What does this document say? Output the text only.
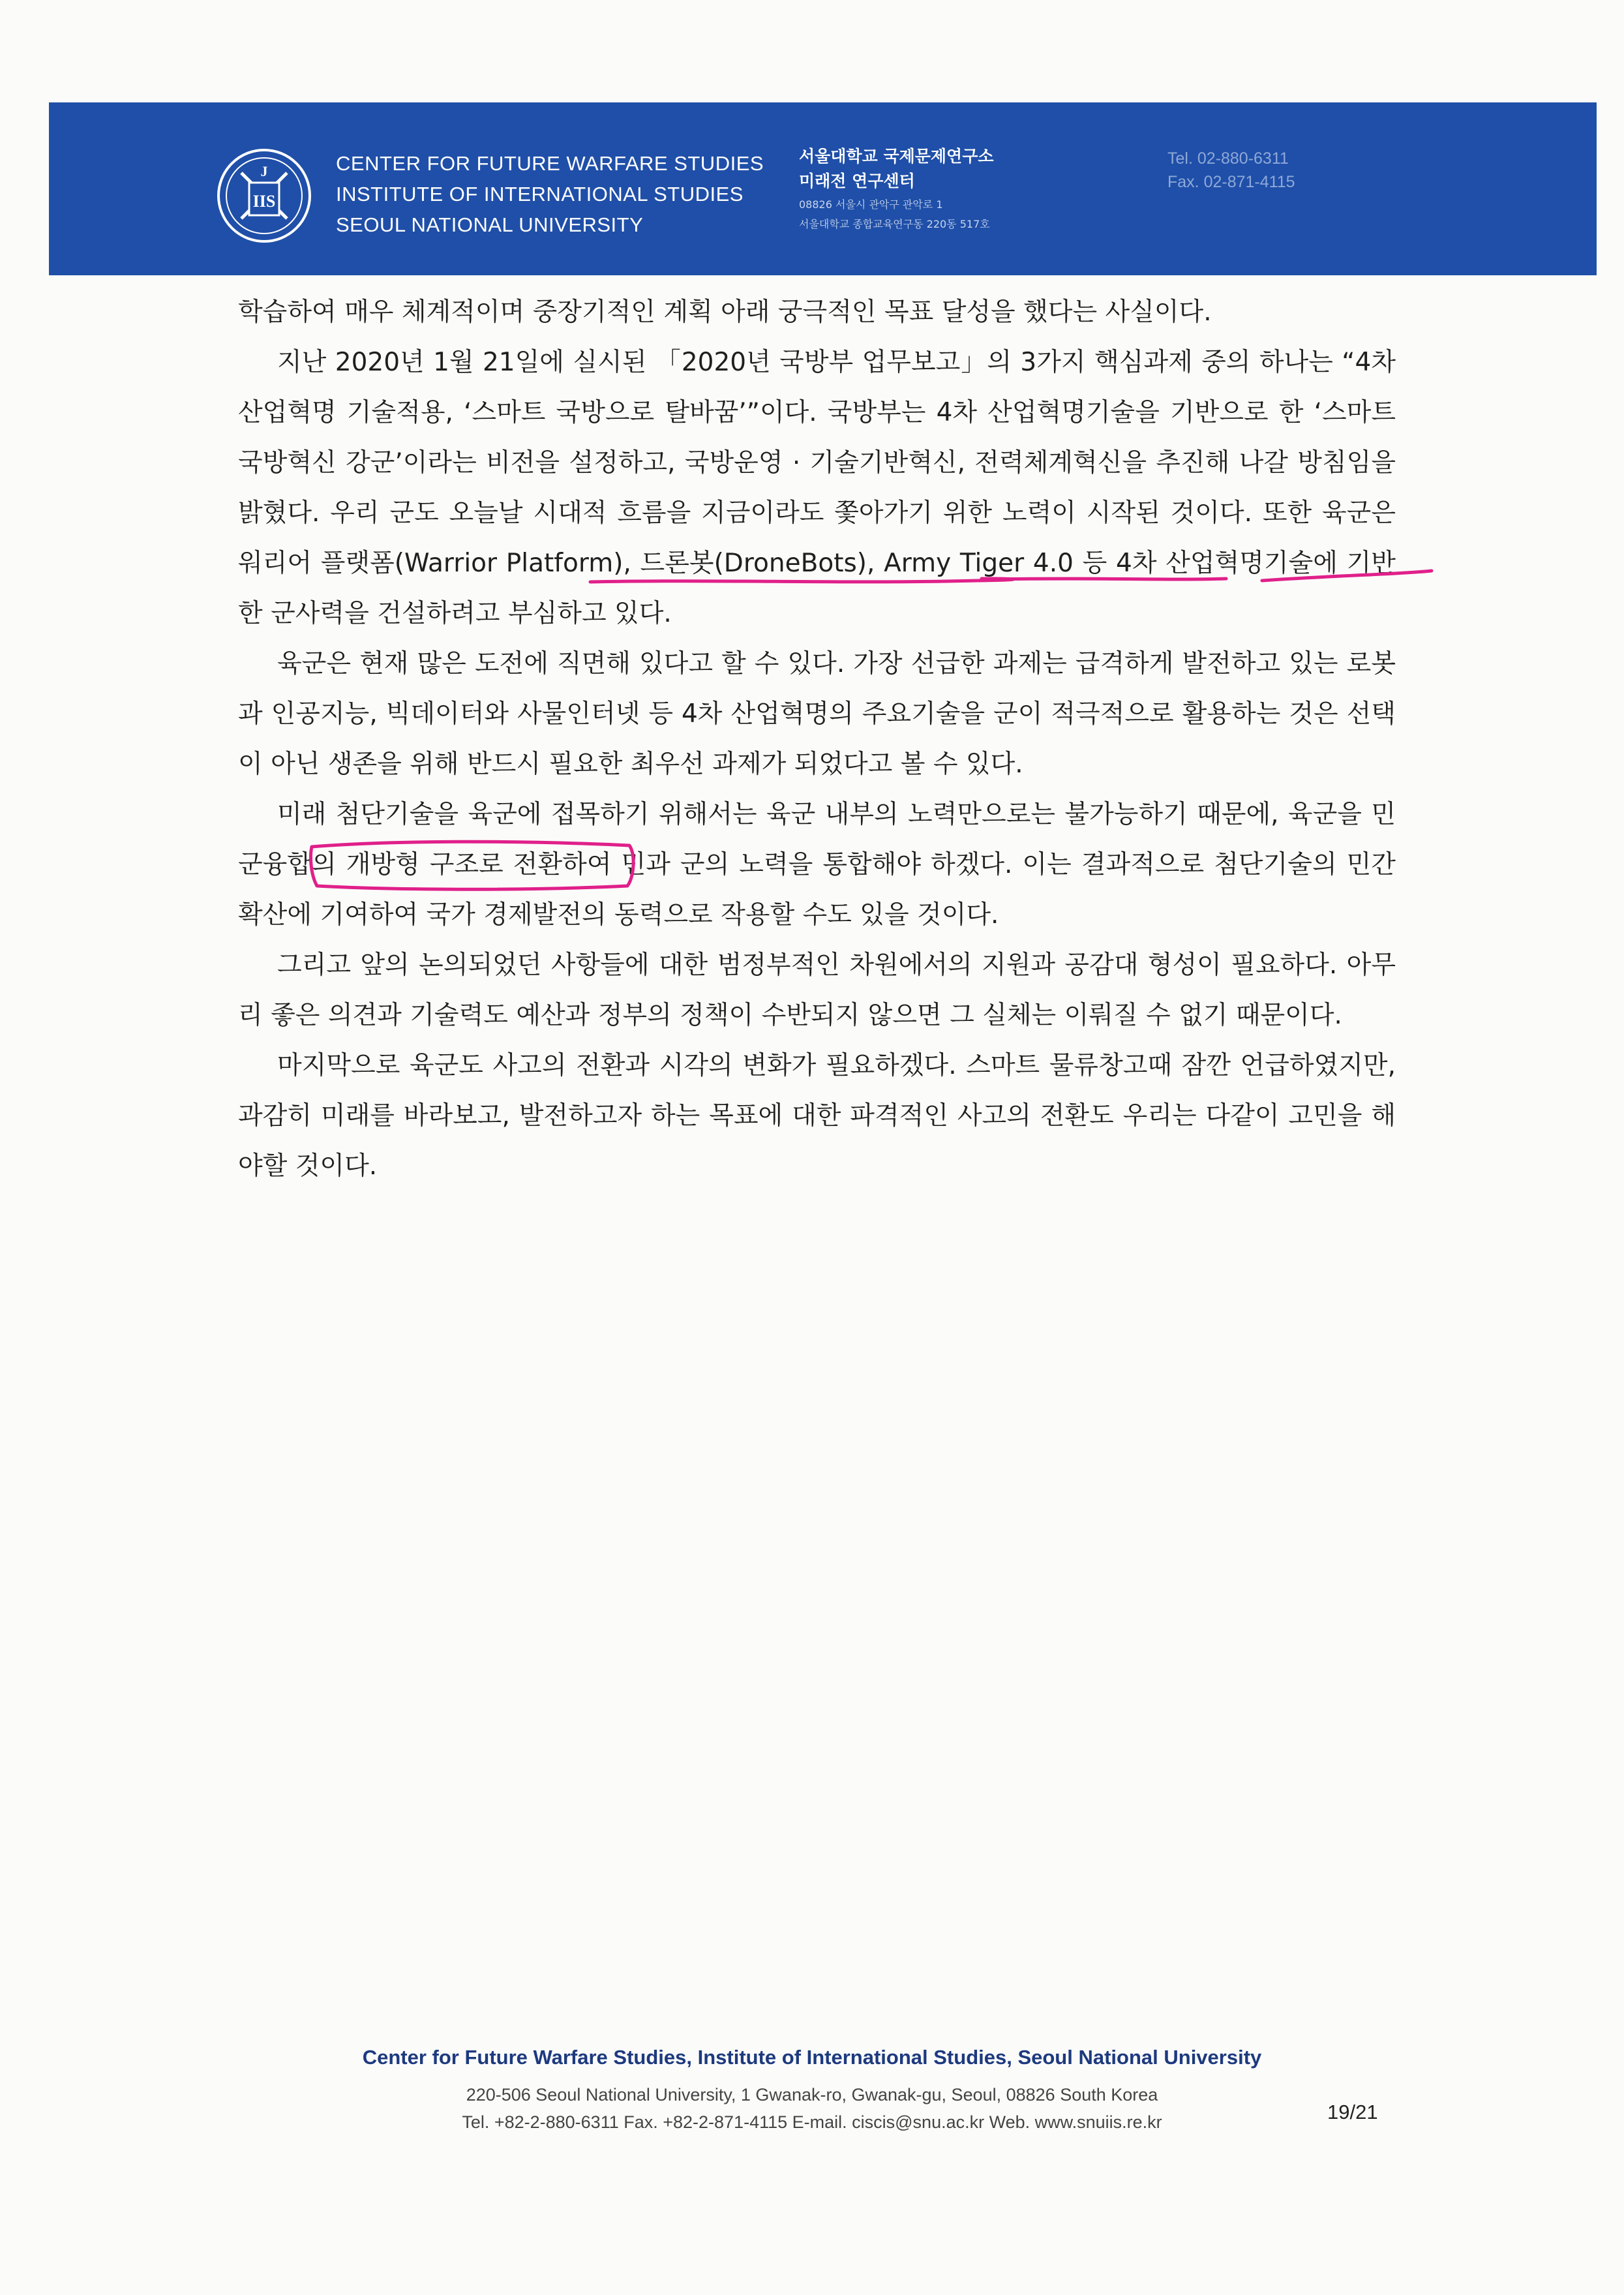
IIS
J	CENTER FOR FUTURE WARFARE STUDIES
INSTITUTE OF INTERNATIONAL STUDIES
SEOUL NATIONAL UNIVERSITY
서울대학교 국제문제연구소
미래전 연구센터
08826 서울시 관악구 관악로 1
서울대학교 종합교육연구동 220동 517호
Tel. 02-880-6311
Fax. 02-871-4115

학습하여 매우 체계적이며 중장기적인 계획 아래 궁극적인 목표 달성을 했다는 사실이다.

지난 2020년 1월 21일에 실시된 「2020년 국방부 업무보고」의 3가지 핵심과제 중의 하나는 “4차 산업혁명 기술적용, ‘스마트 국방으로 탈바꿈’”이다. 국방부는 4차 산업혁명기술을 기반으로 한 ‘스마트 국방혁신 강군’이라는 비전을 설정하고, 국방운영 · 기술기반혁신, 전력체계혁신을 추진해 나갈 방침임을 밝혔다. 우리 군도 오늘날 시대적 흐름을 지금이라도 쫓아가기 위한 노력이 시작된 것이다. 또한 육군은 워리어 플랫폼(Warrior Platform), 드론봇(DroneBots), Army Tiger 4.0 등 4차 산업혁명기술에 기반한 군사력을 건설하려고 부심하고 있다.

육군은 현재 많은 도전에 직면해 있다고 할 수 있다. 가장 선급한 과제는 급격하게 발전하고 있는 로봇과 인공지능, 빅데이터와 사물인터넷 등 4차 산업혁명의 주요기술을 군이 적극적으로 활용하는 것은 선택이 아닌 생존을 위해 반드시 필요한 최우선 과제가 되었다고 볼 수 있다.

미래 첨단기술을 육군에 접목하기 위해서는 육군 내부의 노력만으로는 불가능하기 때문에, 육군을 민군융합의 개방형 구조로 전환하여 민과 군의 노력을 통합해야 하겠다. 이는 결과적으로 첨단기술의 민간 확산에 기여하여 국가 경제발전의 동력으로 작용할 수도 있을 것이다.

그리고 앞의 논의되었던 사항들에 대한 범정부적인 차원에서의 지원과 공감대 형성이 필요하다. 아무리 좋은 의견과 기술력도 예산과 정부의 정책이 수반되지 않으면 그 실체는 이뤄질 수 없기 때문이다.

마지막으로 육군도 사고의 전환과 시각의 변화가 필요하겠다. 스마트 물류창고때 잠깐 언급하였지만, 과감히 미래를 바라보고, 발전하고자 하는 목표에 대한 파격적인 사고의 전환도 우리는 다같이 고민을 해야할 것이다.

Center for Future Warfare Studies, Institute of International Studies, Seoul National University
220-506 Seoul National University, 1 Gwanak-ro, Gwanak-gu, Seoul, 08826 South Korea
Tel. +82-2-880-6311 Fax. +82-2-871-4115 E-mail. ciscis@snu.ac.kr Web. www.snuiis.re.kr	19/21
